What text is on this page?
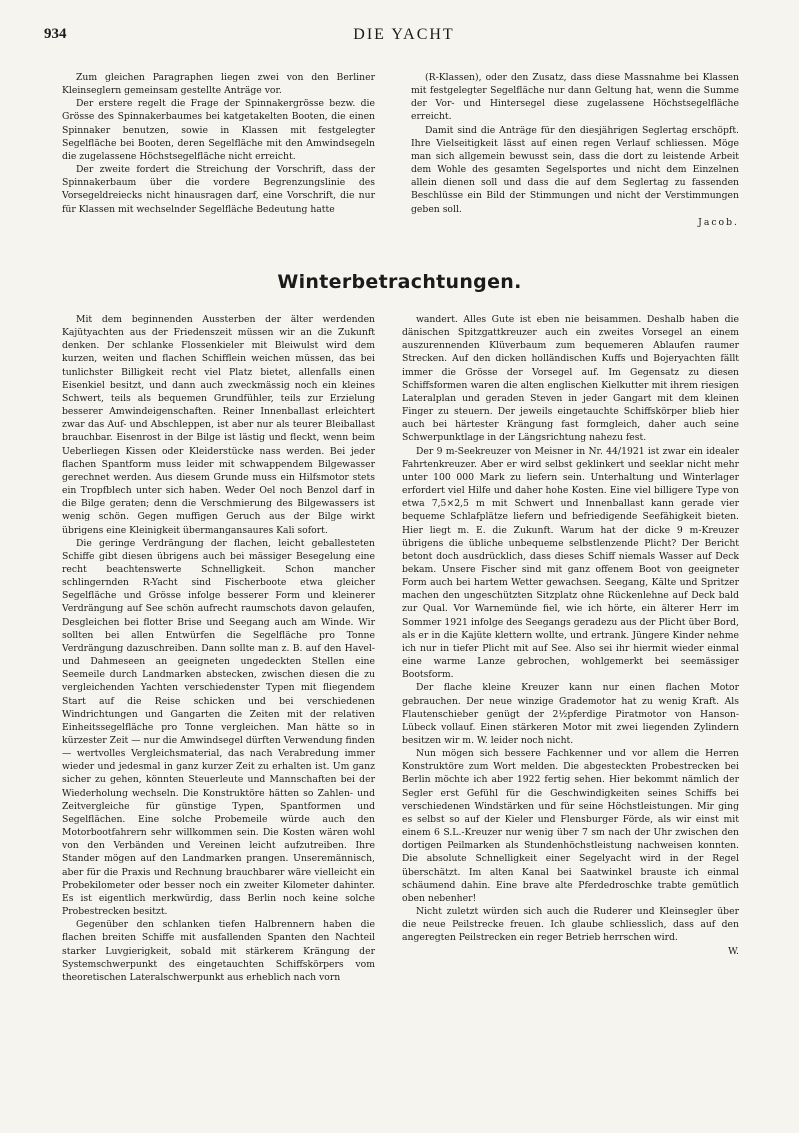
934	DIE YACHT

Zum gleichen Paragraphen liegen zwei von den Berliner Kleinseglern gemeinsam gestellte Anträge vor.

Der erstere regelt die Frage der Spinnakergrösse bezw. die Grösse des Spinnakerbaumes bei katgetakelten Booten, die einen Spinnaker benutzen, sowie in Klassen mit festgelegter Segelfläche bei Booten, deren Segelfläche mit den Amwindsegeln die zugelassene Höchstsegelfläche nicht erreicht.

Der zweite fordert die Streichung der Vorschrift, dass der Spinnakerbaum über die vordere Begrenzungslinie des Vorsegeldreiecks nicht hinausragen darf, eine Vorschrift, die nur für Klassen mit wechselnder Segelfläche Bedeutung hatte

(R-Klassen), oder den Zusatz, dass diese Massnahme bei Klassen mit festgelegter Segelfläche nur dann Geltung hat, wenn die Summe der Vor- und Hintersegel diese zugelassene Höchstsegelfläche erreicht.

Damit sind die Anträge für den diesjährigen Seglertag erschöpft. Ihre Vielseitigkeit lässt auf einen regen Verlauf schliessen. Möge man sich allgemein bewusst sein, dass die dort zu leistende Arbeit dem Wohle des gesamten Segelsportes und nicht dem Einzelnen allein dienen soll und dass die auf dem Seglertag zu fassenden Beschlüsse ein Bild der Stimmungen und nicht der Verstimmungen geben soll.

Jacob.

Winterbetrachtungen.

Mit dem beginnenden Aussterben der älter werdenden Kajütyachten aus der Friedenszeit müssen wir an die Zukunft denken. Der schlanke Flossenkieler mit Bleiwulst wird dem kurzen, weiten und flachen Schifflein weichen müssen, das bei tunlichster Billigkeit recht viel Platz bietet, allenfalls einen Eisenkiel besitzt, und dann auch zweckmässig noch ein kleines Schwert, teils als bequemen Grundfühler, teils zur Erzielung besserer Amwindeigenschaften. Reiner Innenballast erleichtert zwar das Auf- und Abschleppen, ist aber nur als teurer Bleiballast brauchbar. Eisenrost in der Bilge ist lästig und fleckt, wenn beim Ueberliegen Kissen oder Kleiderstücke nass werden. Bei jeder flachen Spantform muss leider mit schwappendem Bilgewasser gerechnet werden. Aus diesem Grunde muss ein Hilfsmotor stets ein Tropfblech unter sich haben. Weder Oel noch Benzol darf in die Bilge geraten; denn die Verschmierung des Bilgewassers ist wenig schön. Gegen muffigen Geruch aus der Bilge wirkt übrigens eine Kleinigkeit übermangansaures Kali sofort.

Die geringe Verdrängung der flachen, leicht geballesteten Schiffe gibt diesen übrigens auch bei mässiger Besegelung eine recht beachtenswerte Schnelligkeit. Schon mancher schlingernden R-Yacht sind Fischerboote etwa gleicher Segelfläche und Grösse infolge besserer Form und kleinerer Verdrängung auf See schön aufrecht raumschots davon gelaufen, Desgleichen bei flotter Brise und Seegang auch am Winde. Wir sollten bei allen Entwürfen die Segelfläche pro Tonne Verdrängung dazuschreiben. Dann sollte man z. B. auf den Havel- und Dahmeseen an geeigneten ungedeckten Stellen eine Seemeile durch Landmarken abstecken, zwischen diesen die zu vergleichenden Yachten verschiedenster Typen mit fliegendem Start auf die Reise schicken und bei verschiedenen Windrichtungen und Gangarten die Zeiten mit der relativen Einheitssegelfläche pro Tonne vergleichen. Man hätte so in kürzester Zeit — nur die Amwindsegel dürften Verwendung finden — wertvolles Vergleichsmaterial, das nach Verabredung immer wieder und jedesmal in ganz kurzer Zeit zu erhalten ist. Um ganz sicher zu gehen, könnten Steuerleute und Mannschaften bei der Wiederholung wechseln. Die Konstruktöre hätten so Zahlen- und Zeitvergleiche für günstige Typen, Spantformen und Segelflächen. Eine solche Probemeile würde auch den Motorbootfahrern sehr willkommen sein. Die Kosten wären wohl von den Verbänden und Vereinen leicht aufzutreiben. Ihre Stander mögen auf den Landmarken prangen. Unseremännisch, aber für die Praxis und Rechnung brauchbarer wäre vielleicht ein Probekilometer oder besser noch ein zweiter Kilometer dahinter. Es ist eigentlich merkwürdig, dass Berlin noch keine solche Probestrecken besitzt.

Gegenüber den schlanken tiefen Halbrennern haben die flachen breiten Schiffe mit ausfallenden Spanten den Nachteil starker Luvgierigkeit, sobald mit stärkerem Krängung der Systemschwerpunkt des eingetauchten Schiffskörpers vom theoretischen Lateralschwerpunkt aus erheblich nach vorn

wandert. Alles Gute ist eben nie beisammen. Deshalb haben die dänischen Spitzgattkreuzer auch ein zweites Vorsegel an einem auszurennenden Klüverbaum zum bequemeren Ablaufen raumer Strecken. Auf den dicken holländischen Kuffs und Bojeryachten fällt immer die Grösse der Vorsegel auf. Im Gegensatz zu diesen Schiffsformen waren die alten englischen Kielkutter mit ihrem riesigen Lateralplan und geraden Steven in jeder Gangart mit dem kleinen Finger zu steuern. Der jeweils eingetauchte Schiffskörper blieb hier auch bei härtester Krängung fast formgleich, daher auch seine Schwerpunktlage in der Längsrichtung nahezu fest.

Der 9 m-Seekreuzer von Meisner in Nr. 44/1921 ist zwar ein idealer Fahrtenkreuzer. Aber er wird selbst geklinkert und seeklar nicht mehr unter 100 000 Mark zu liefern sein. Unterhaltung und Winterlager erfordert viel Hilfe und daher hohe Kosten. Eine viel billigere Type von etwa 7,5×2,5 m mit Schwert und Innenballast kann gerade vier bequeme Schlafplätze liefern und befriedigende Seefähigkeit bieten. Hier liegt m. E. die Zukunft. Warum hat der dicke 9 m-Kreuzer übrigens die übliche unbequeme selbstlenzende Plicht? Der Bericht betont doch ausdrücklich, dass dieses Schiff niemals Wasser auf Deck bekam. Unsere Fischer sind mit ganz offenem Boot von geeigneter Form auch bei hartem Wetter gewachsen. Seegang, Kälte und Spritzer machen den ungeschützten Sitzplatz ohne Rückenlehne auf Deck bald zur Qual. Vor Warnemünde fiel, wie ich hörte, ein älterer Herr im Sommer 1921 infolge des Seegangs geradezu aus der Plicht über Bord, als er in die Kajüte klettern wollte, und ertrank. Jüngere Kinder nehme ich nur in tiefer Plicht mit auf See. Also sei ihr hiermit wieder einmal eine warme Lanze gebrochen, wohlgemerkt bei seemässiger Bootsform.

Der flache kleine Kreuzer kann nur einen flachen Motor gebrauchen. Der neue winzige Grademotor hat zu wenig Kraft. Als Flautenschieber genügt der 2½pferdige Piratmotor von Hanson-Lübeck vollauf. Einen stärkeren Motor mit zwei liegenden Zylindern besitzen wir m. W. leider noch nicht.

Nun mögen sich bessere Fachkenner und vor allem die Herren Konstruktöre zum Wort melden. Die abgesteckten Probestrecken bei Berlin möchte ich aber 1922 fertig sehen. Hier bekommt nämlich der Segler erst Gefühl für die Geschwindigkeiten seines Schiffs bei verschiedenen Windstärken und für seine Höchstleistungen. Mir ging es selbst so auf der Kieler und Flensburger Förde, als wir einst mit einem 6 S.L.-Kreuzer nur wenig über 7 sm nach der Uhr zwischen den dortigen Peilmarken als Stundenhöchstleistung nachweisen konnten. Die absolute Schnelligkeit einer Segelyacht wird in der Regel überschätzt. Im alten Kanal bei Saatwinkel brauste ich einmal schäumend dahin. Eine brave alte Pferdedroschke trabte gemütlich oben nebenher!

Nicht zuletzt würden sich auch die Ruderer und Kleinsegler über die neue Peilstrecke freuen. Ich glaube schliesslich, dass auf den angeregten Peilstrecken ein reger Betrieb herrschen wird.

W.
